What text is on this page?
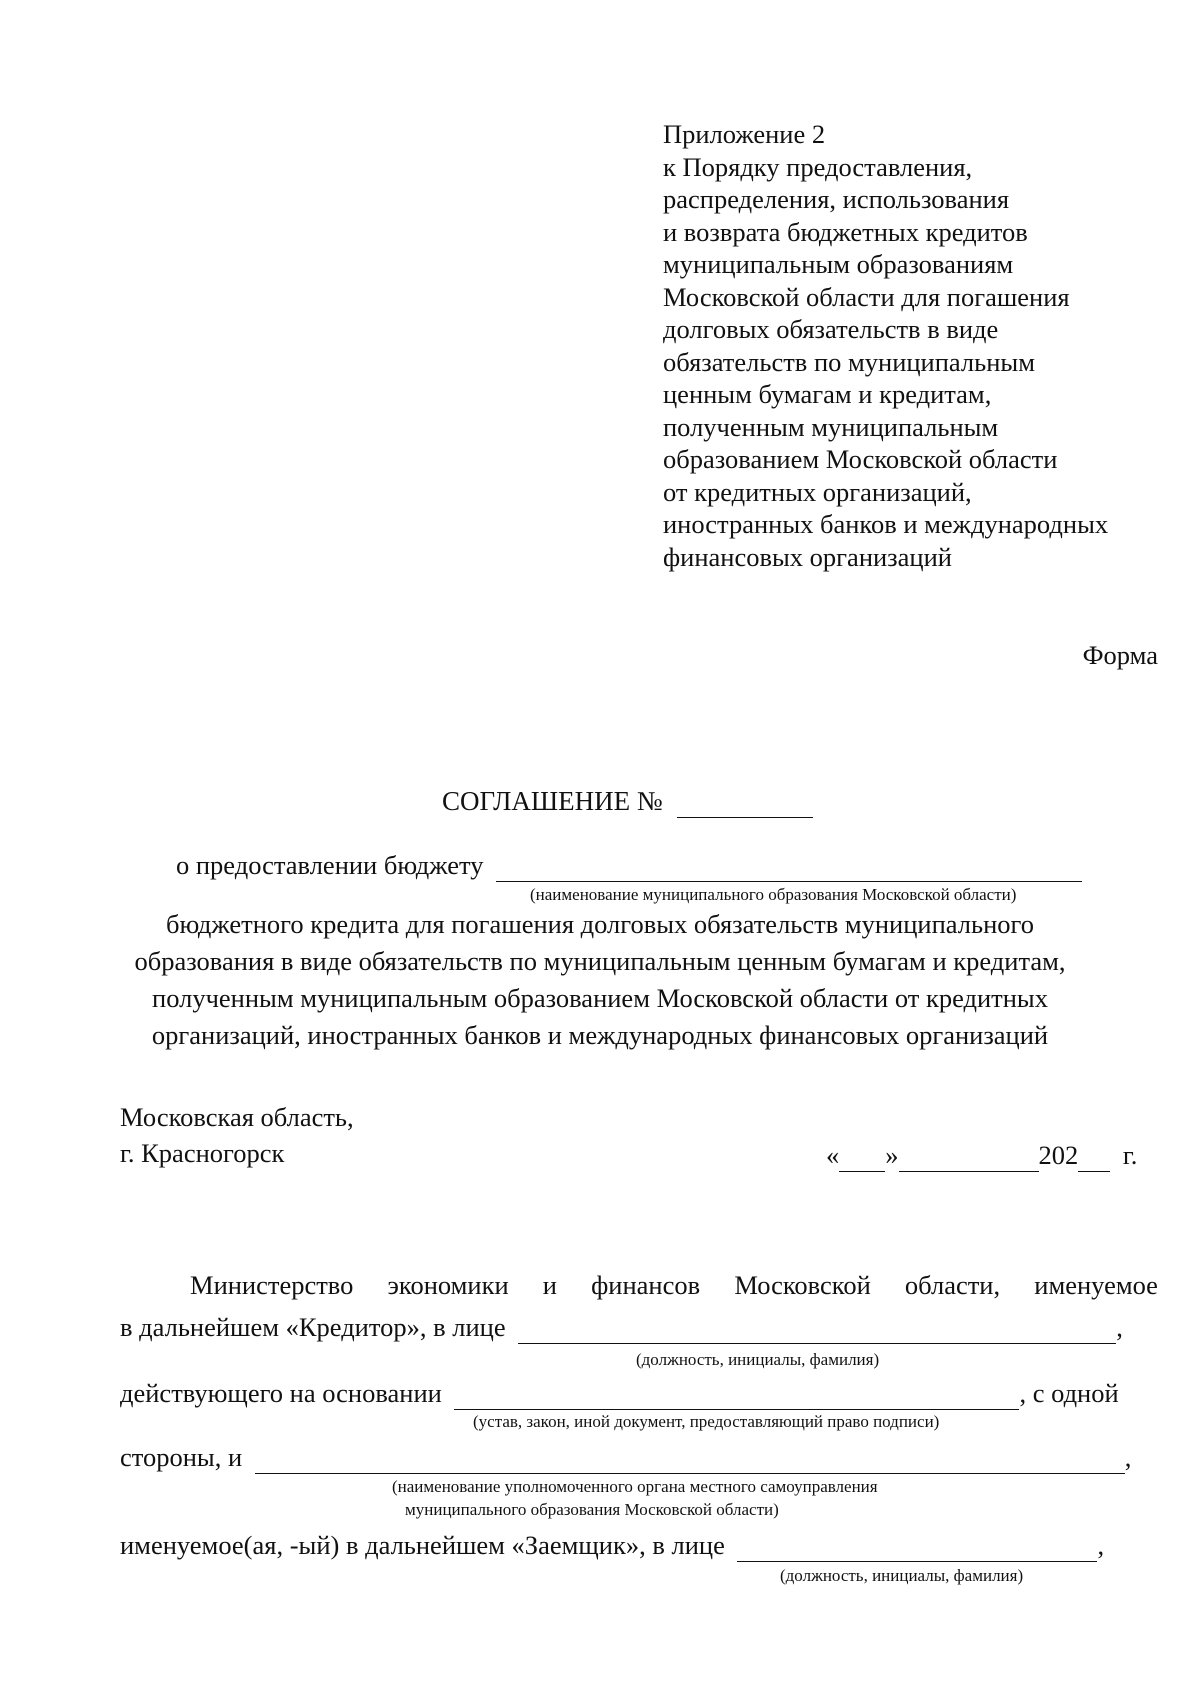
Приложение 2
к Порядку предоставления,
распределения, использования
и возврата бюджетных кредитов
муниципальным образованиям
Московской области для погашения
долговых обязательств в виде
обязательств по муниципальным
ценным бумагам и кредитам,
полученным муниципальным
образованием Московской области
от кредитных организаций,
иностранных банков и международных
финансовых организаций
Форма
СОГЛАШЕНИЕ №
о предоставлении бюджету
(наименование муниципального образования Московской области)
бюджетного кредита для погашения долговых обязательств муниципального
образования в виде обязательств по муниципальным ценным бумагам и кредитам,
полученным муниципальным образованием Московской области от кредитных
организаций, иностранных банков и международных финансовых организаций
Московская область,
г. Красногорск	« »	202 г.
Министерство экономики и финансов Московской области, именуемое
в дальнейшем «Кредитор», в лице	,
(должность, инициалы, фамилия)
действующего на основании	, с одной
(устав, закон, иной документ, предоставляющий право подписи)
стороны, и	,
(наименование уполномоченного органа местного самоуправления
муниципального образования Московской области)
именуемое(ая, -ый) в дальнейшем «Заемщик», в лице	,
(должность, инициалы, фамилия)
